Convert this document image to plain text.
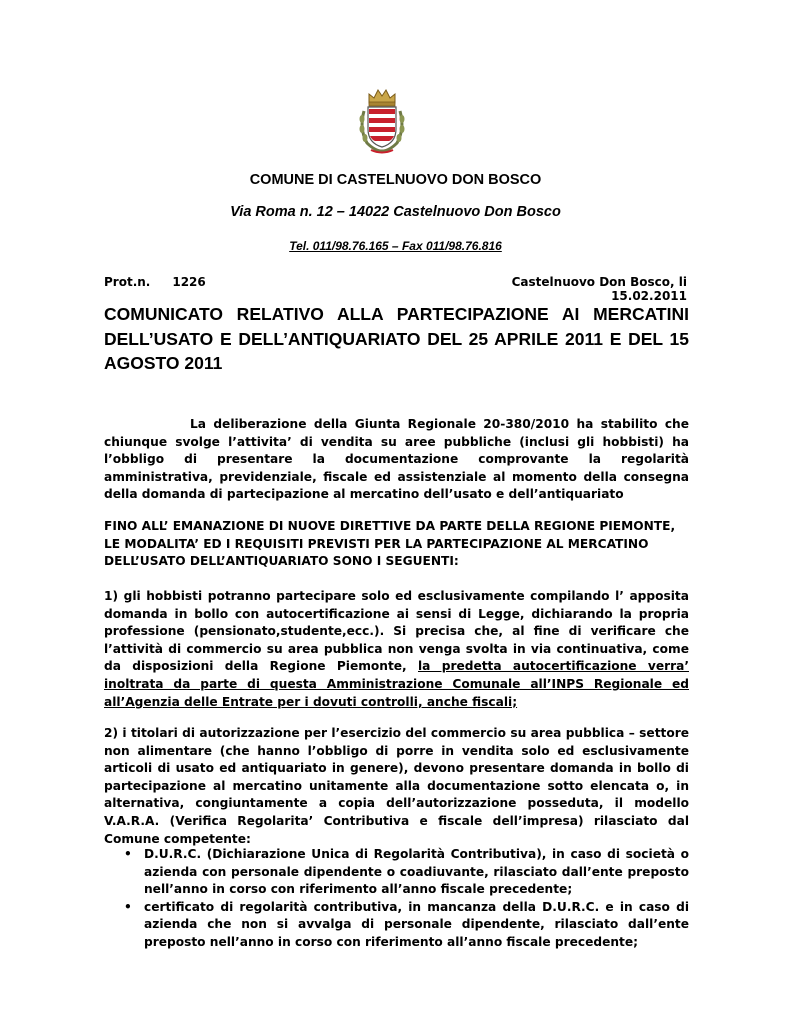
COMUNE DI CASTELNUOVO DON BOSCO
Via Roma n. 12 – 14022 Castelnuovo Don Bosco
Tel. 011/98.76.165 – Fax 011/98.76.816
Prot.n. 1226	Castelnuovo Don Bosco, li 15.02.2011
COMUNICATO RELATIVO ALLA PARTECIPAZIONE AI MERCATINI DELL’USATO E DELL’ANTIQUARIATO DEL 25 APRILE 2011 E DEL 15 AGOSTO 2011

La deliberazione della Giunta Regionale 20-380/2010 ha stabilito che chiunque svolge l’attivita’ di vendita su aree pubbliche (inclusi gli hobbisti) ha l’obbligo di presentare la documentazione comprovante la regolarità amministrativa, previdenziale, fiscale ed assistenziale al momento della consegna della domanda di partecipazione al mercatino dell’usato e dell’antiquariato

FINO ALL’ EMANAZIONE DI NUOVE DIRETTIVE DA PARTE DELLA REGIONE PIEMONTE, LE MODALITA’ ED I REQUISITI PREVISTI PER LA PARTECIPAZIONE AL MERCATINO DELL’USATO DELL’ANTIQUARIATO SONO I SEGUENTI:

1) gli hobbisti potranno partecipare solo ed esclusivamente compilando l’ apposita domanda in bollo con autocertificazione ai sensi di Legge, dichiarando la propria professione (pensionato,studente,ecc.). Si precisa che, al fine di verificare che l’attività di commercio su area pubblica non venga svolta in via continuativa, come da disposizioni della Regione Piemonte, la predetta autocertificazione verra’ inoltrata da parte di questa Amministrazione Comunale all’INPS Regionale ed all’Agenzia delle Entrate per i dovuti controlli, anche fiscali;

2) i titolari di autorizzazione per l’esercizio del commercio su area pubblica – settore non alimentare (che hanno l’obbligo di porre in vendita solo ed esclusivamente articoli di usato ed antiquariato in genere), devono presentare domanda in bollo di partecipazione al mercatino unitamente alla documentazione sotto elencata o, in alternativa, congiuntamente a copia dell’autorizzazione posseduta, il modello V.A.R.A. (Verifica Regolarita’ Contributiva e fiscale dell’impresa) rilasciato dal Comune competente:

• D.U.R.C. (Dichiarazione Unica di Regolarità Contributiva), in caso di società o azienda con personale dipendente o coadiuvante, rilasciato dall’ente preposto nell’anno in corso con riferimento all’anno fiscale precedente;
• certificato di regolarità contributiva, in mancanza della D.U.R.C. e in caso di azienda che non si avvalga di personale dipendente, rilasciato dall’ente preposto nell’anno in corso con riferimento all’anno fiscale precedente;
